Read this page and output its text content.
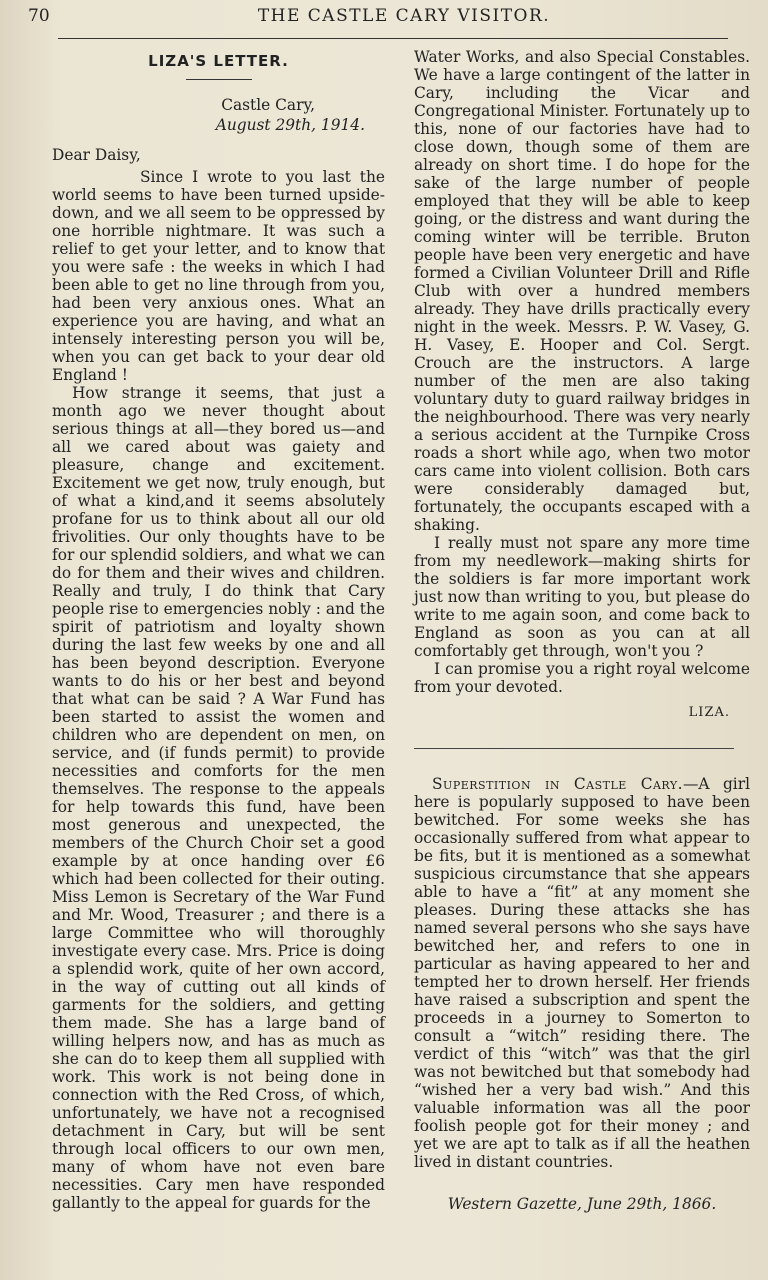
70	THE CASTLE CARY VISITOR.
LIZA'S LETTER.

Castle Cary,

August 29th, 1914.

Dear Daisy,

Since I wrote to you last the world seems to have been turned upside-down, and we all seem to be oppressed by one horrible nightmare. It was such a relief to get your letter, and to know that you were safe : the weeks in which I had been able to get no line through from you, had been very anxious ones. What an experience you are having, and what an intensely interesting person you will be, when you can get back to your dear old England !

How strange it seems, that just a month ago we never thought about serious things at all—they bored us—and all we cared about was gaiety and pleasure, change and excitement. Excitement we get now, truly enough, but of what a kind,and it seems absolutely profane for us to think about all our old frivolities. Our only thoughts have to be for our splendid soldiers, and what we can do for them and their wives and children. Really and truly, I do think that Cary people rise to emergencies nobly : and the spirit of patriotism and loyalty shown during the last few weeks by one and all has been beyond description. Everyone wants to do his or her best and beyond that what can be said ? A War Fund has been started to assist the women and children who are dependent on men, on service, and (if funds permit) to provide necessities and comforts for the men themselves. The response to the appeals for help towards this fund, have been most generous and unexpected, the members of the Church Choir set a good example by at once handing over £6 which had been collected for their outing. Miss Lemon is Secretary of the War Fund and Mr. Wood, Treasurer ; and there is a large Committee who will thoroughly investigate every case. Mrs. Price is doing a splendid work, quite of her own accord, in the way of cutting out all kinds of garments for the soldiers, and getting them made. She has a large band of willing helpers now, and has as much as she can do to keep them all supplied with work. This work is not being done in connection with the Red Cross, of which, unfortunately, we have not a recognised detachment in Cary, but will be sent through local officers to our own men, many of whom have not even bare necessities. Cary men have responded gallantly to the appeal for guards for the

Water Works, and also Special Constables. We have a large contingent of the latter in Cary, including the Vicar and Congregational Minister. Fortunately up to this, none of our factories have had to close down, though some of them are already on short time. I do hope for the sake of the large number of people employed that they will be able to keep going, or the distress and want during the coming winter will be terrible. Bruton people have been very energetic and have formed a Civilian Volunteer Drill and Rifle Club with over a hundred members already. They have drills practically every night in the week. Messrs. P. W. Vasey, G. H. Vasey, E. Hooper and Col. Sergt. Crouch are the instructors. A large number of the men are also taking voluntary duty to guard railway bridges in the neighbourhood. There was very nearly a serious accident at the Turnpike Cross roads a short while ago, when two motor cars came into violent collision. Both cars were considerably damaged but, fortunately, the occupants escaped with a shaking.

I really must not spare any more time from my needlework—making shirts for the soldiers is far more important work just now than writing to you, but please do write to me again soon, and come back to England as soon as you can at all comfortably get through, won't you ?

I can promise you a right royal welcome from your devoted.

LIZA.

Superstition in Castle Cary.—A girl here is popularly supposed to have been bewitched. For some weeks she has occasionally suffered from what appear to be fits, but it is mentioned as a somewhat suspicious circumstance that she appears able to have a “fit” at any moment she pleases. During these attacks she has named several persons who she says have bewitched her, and refers to one in particular as having appeared to her and tempted her to drown herself. Her friends have raised a subscription and spent the proceeds in a journey to Somerton to consult a “witch” residing there. The verdict of this “witch” was that the girl was not bewitched but that somebody had “wished her a very bad wish.” And this valuable information was all the poor foolish people got for their money ; and yet we are apt to talk as if all the heathen lived in distant countries.

Western Gazette, June 29th, 1866.
